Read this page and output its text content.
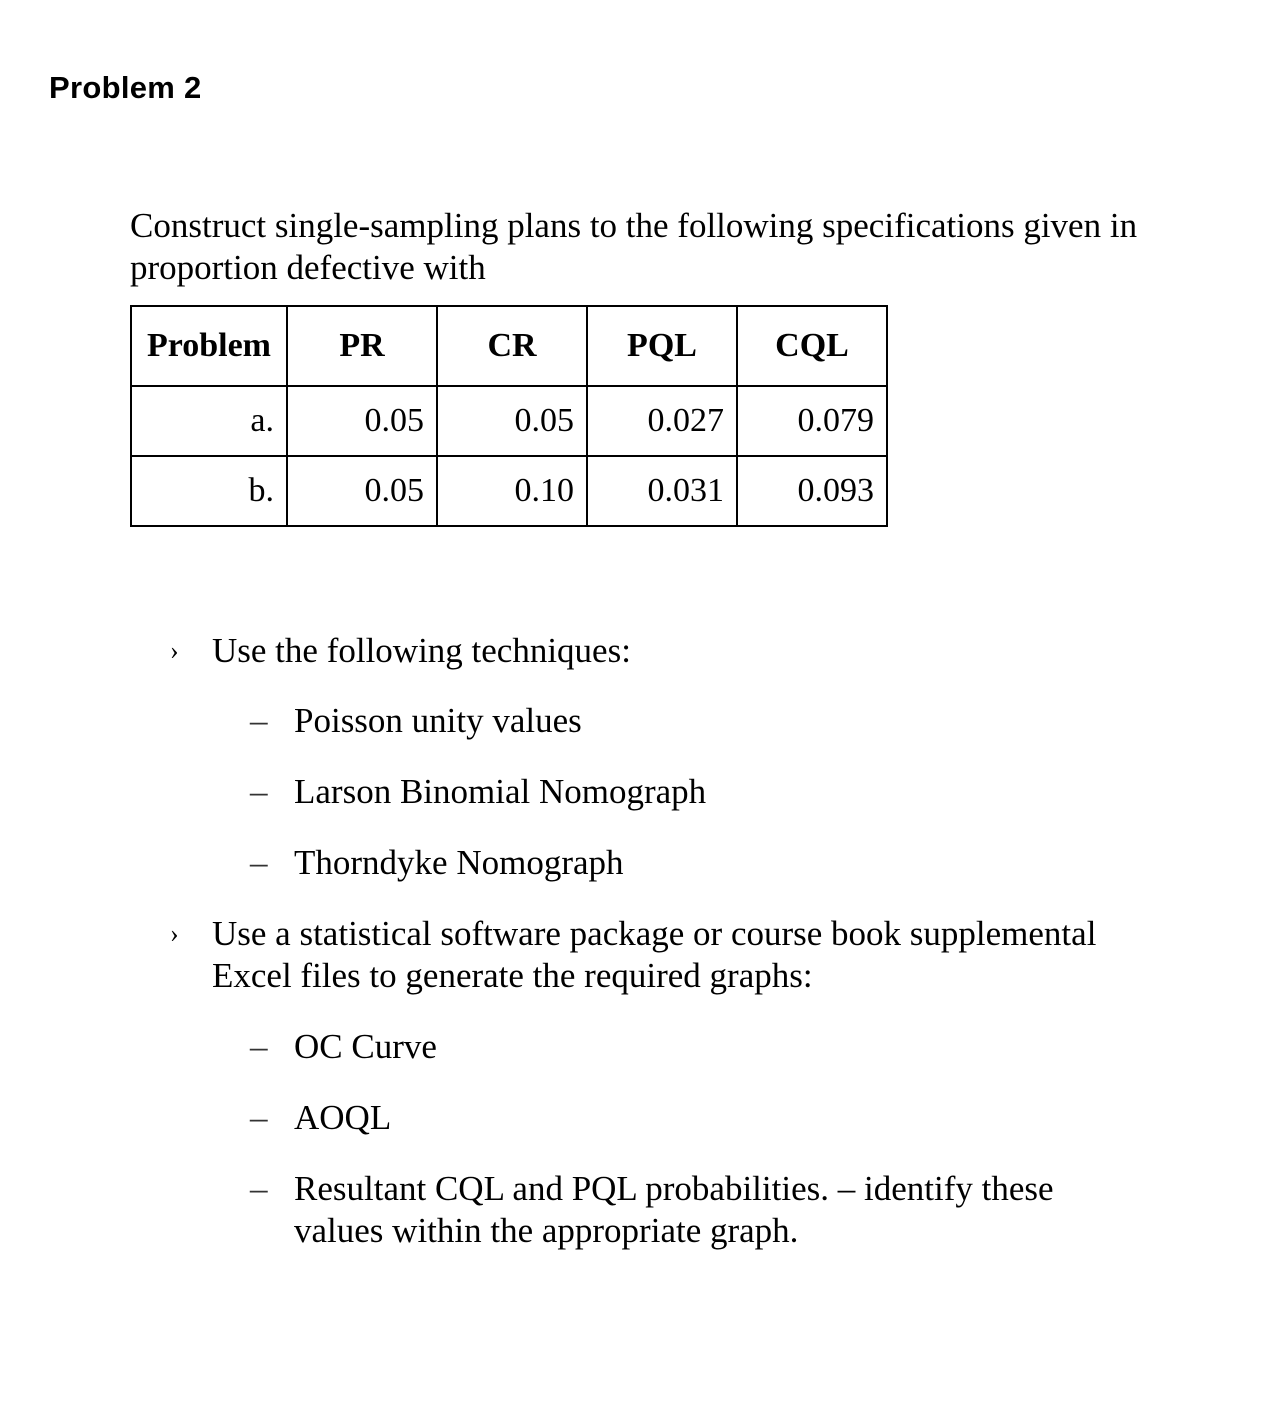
Problem 2
Construct single-sampling plans to the following specifications given in proportion defective with
Problem	PR	CR	PQL	CQL
a.	0.05	0.05	0.027	0.079
b.	0.05	0.10	0.031	0.093
› Use the following techniques:
– Poisson unity values
– Larson Binomial Nomograph
– Thorndyke Nomograph
› Use a statistical software package or course book supplemental Excel files to generate the required graphs:
– OC Curve
– AOQL
– Resultant CQL and PQL probabilities. – identify these values within the appropriate graph.
